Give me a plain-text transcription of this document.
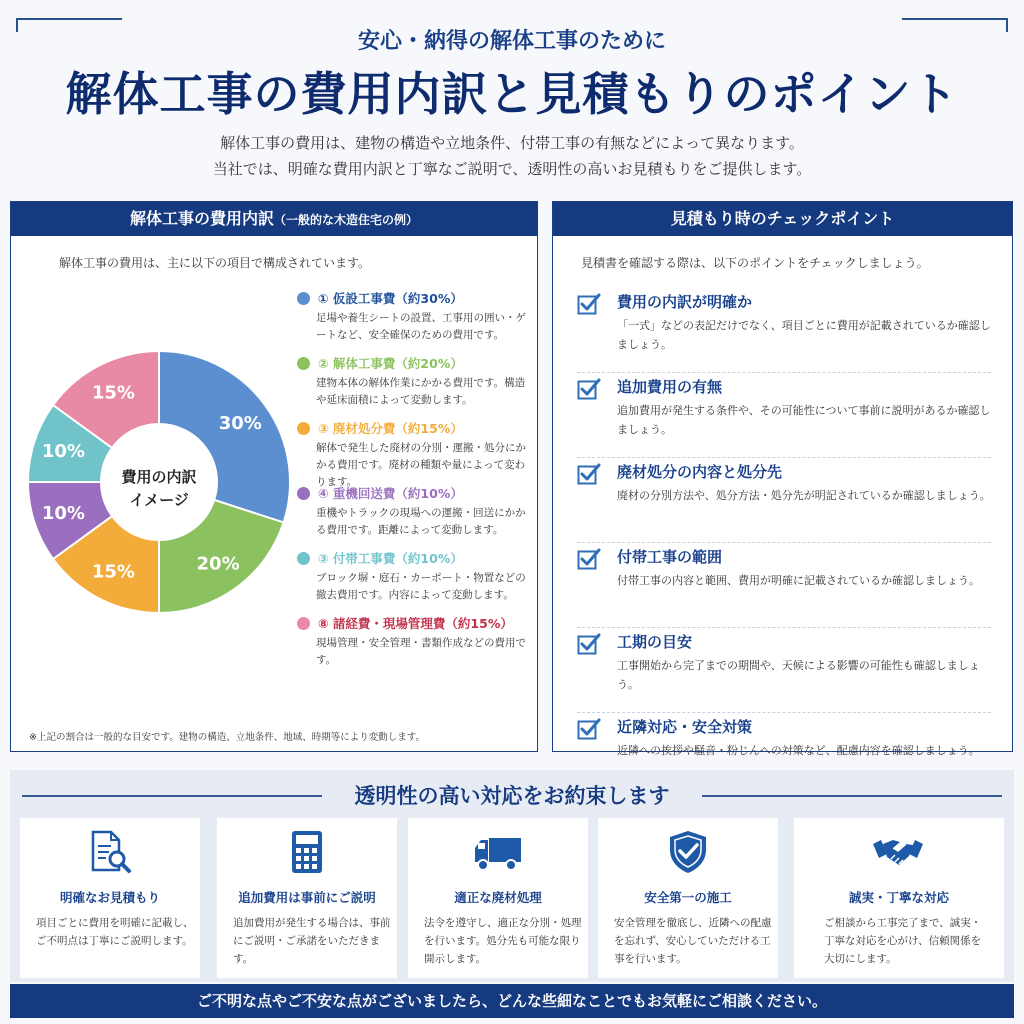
安心・納得の解体工事のために
解体工事の費用内訳と見積もりのポイント
解体工事の費用は、建物の構造や立地条件、付帯工事の有無などによって異なります。
当社では、明確な費用内訳と丁寧なご説明で、透明性の高いお見積もりをご提供します。
解体工事の費用内訳（一般的な木造住宅の例）
解体工事の費用は、主に以下の項目で構成されています。
30%
20%
15%
10%
10%
15%
費用の内訳
イメージ
① 仮設工事費（約30%）
足場や養生シートの設置、工事用の囲い・ゲートなど、安全確保のための費用です。
② 解体工事費（約20%）
建物本体の解体作業にかかる費用です。構造や延床面積によって変動します。
③ 廃材処分費（約15%）
解体で発生した廃材の分別・運搬・処分にかかる費用です。廃材の種類や量によって変わります。
④ 重機回送費（約10%）
重機やトラックの現場への運搬・回送にかかる費用です。距離によって変動します。
③ 付帯工事費（約10%）
ブロック塀・庭石・カーポート・物置などの撤去費用です。内容によって変動します。
⑧ 諸経費・現場管理費（約15%）
現場管理・安全管理・書類作成などの費用です。
※上記の割合は一般的な目安です。建物の構造、立地条件、地域、時期等により変動します。
見積もり時のチェックポイント
見積書を確認する際は、以下のポイントをチェックしましょう。
費用の内訳が明確か
「一式」などの表記だけでなく、項目ごとに費用が記載されているか確認しましょう。
追加費用の有無
追加費用が発生する条件や、その可能性について事前に説明があるか確認しましょう。
廃材処分の内容と処分先
廃材の分別方法や、処分方法・処分先が明記されているか確認しましょう。
付帯工事の範囲
付帯工事の内容と範囲、費用が明確に記載されているか確認しましょう。
工期の目安
工事開始から完了までの期間や、天候による影響の可能性も確認しましょう。
近隣対応・安全対策
近隣への挨拶や騒音・粉じんへの対策など、配慮内容を確認しましょう。
透明性の高い対応をお約束します
明確なお見積もり
項目ごとに費用を明確に記載し、ご不明点は丁寧にご説明します。
追加費用は事前にご説明
追加費用が発生する場合は、事前にご説明・ご承諾をいただきます。
適正な廃材処理
法令を遵守し、適正な分別・処理を行います。処分先も可能な限り開示します。
安全第一の施工
安全管理を徹底し、近隣への配慮を忘れず、安心していただける工事を行います。
誠実・丁寧な対応
ご相談から工事完了まで、誠実・丁寧な対応を心がけ、信頼関係を大切にします。
ご不明な点やご不安な点がございましたら、どんな些細なことでもお気軽にご相談ください。
